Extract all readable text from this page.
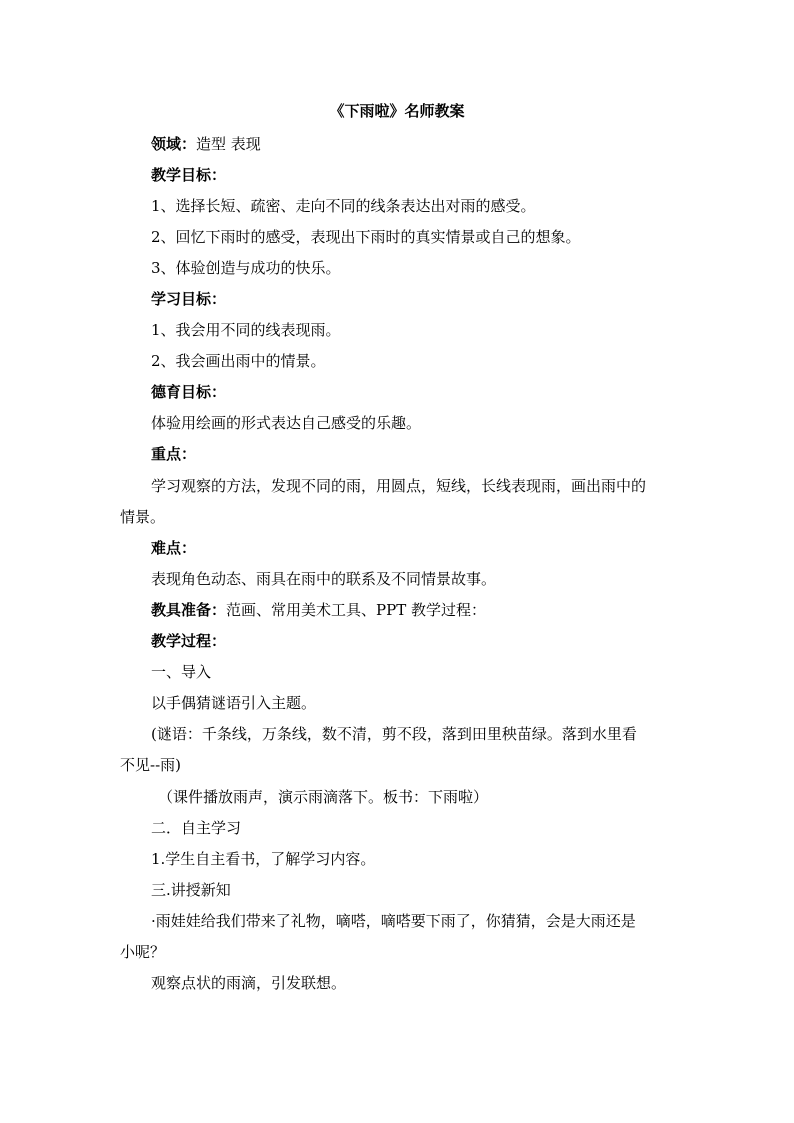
《下雨啦》名师教案
领域：造型 表现
教学目标：
1、选择长短、疏密、走向不同的线条表达出对雨的感受。
2、回忆下雨时的感受，表现出下雨时的真实情景或自己的想象。
3、体验创造与成功的快乐。
学习目标：
1、我会用不同的线表现雨。
2、我会画出雨中的情景。
德育目标：
体验用绘画的形式表达自己感受的乐趣。
重点：
学习观察的方法，发现不同的雨，用圆点，短线，长线表现雨，画出雨中的
情景。
难点：
表现角色动态、雨具在雨中的联系及不同情景故事。
教具准备：范画、常用美术工具、PPT 教学过程：
教学过程：
一、导入
以手偶猜谜语引入主题。
(谜语：千条线，万条线，数不清，剪不段，落到田里秧苗绿。落到水里看
不见--雨)
（课件播放雨声，演示雨滴落下。板书：下雨啦）
二．自主学习
1.学生自主看书，了解学习内容。
三.讲授新知
·雨娃娃给我们带来了礼物，嘀嗒，嘀嗒要下雨了，你猜猜，会是大雨还是
小呢？
观察点状的雨滴，引发联想。
